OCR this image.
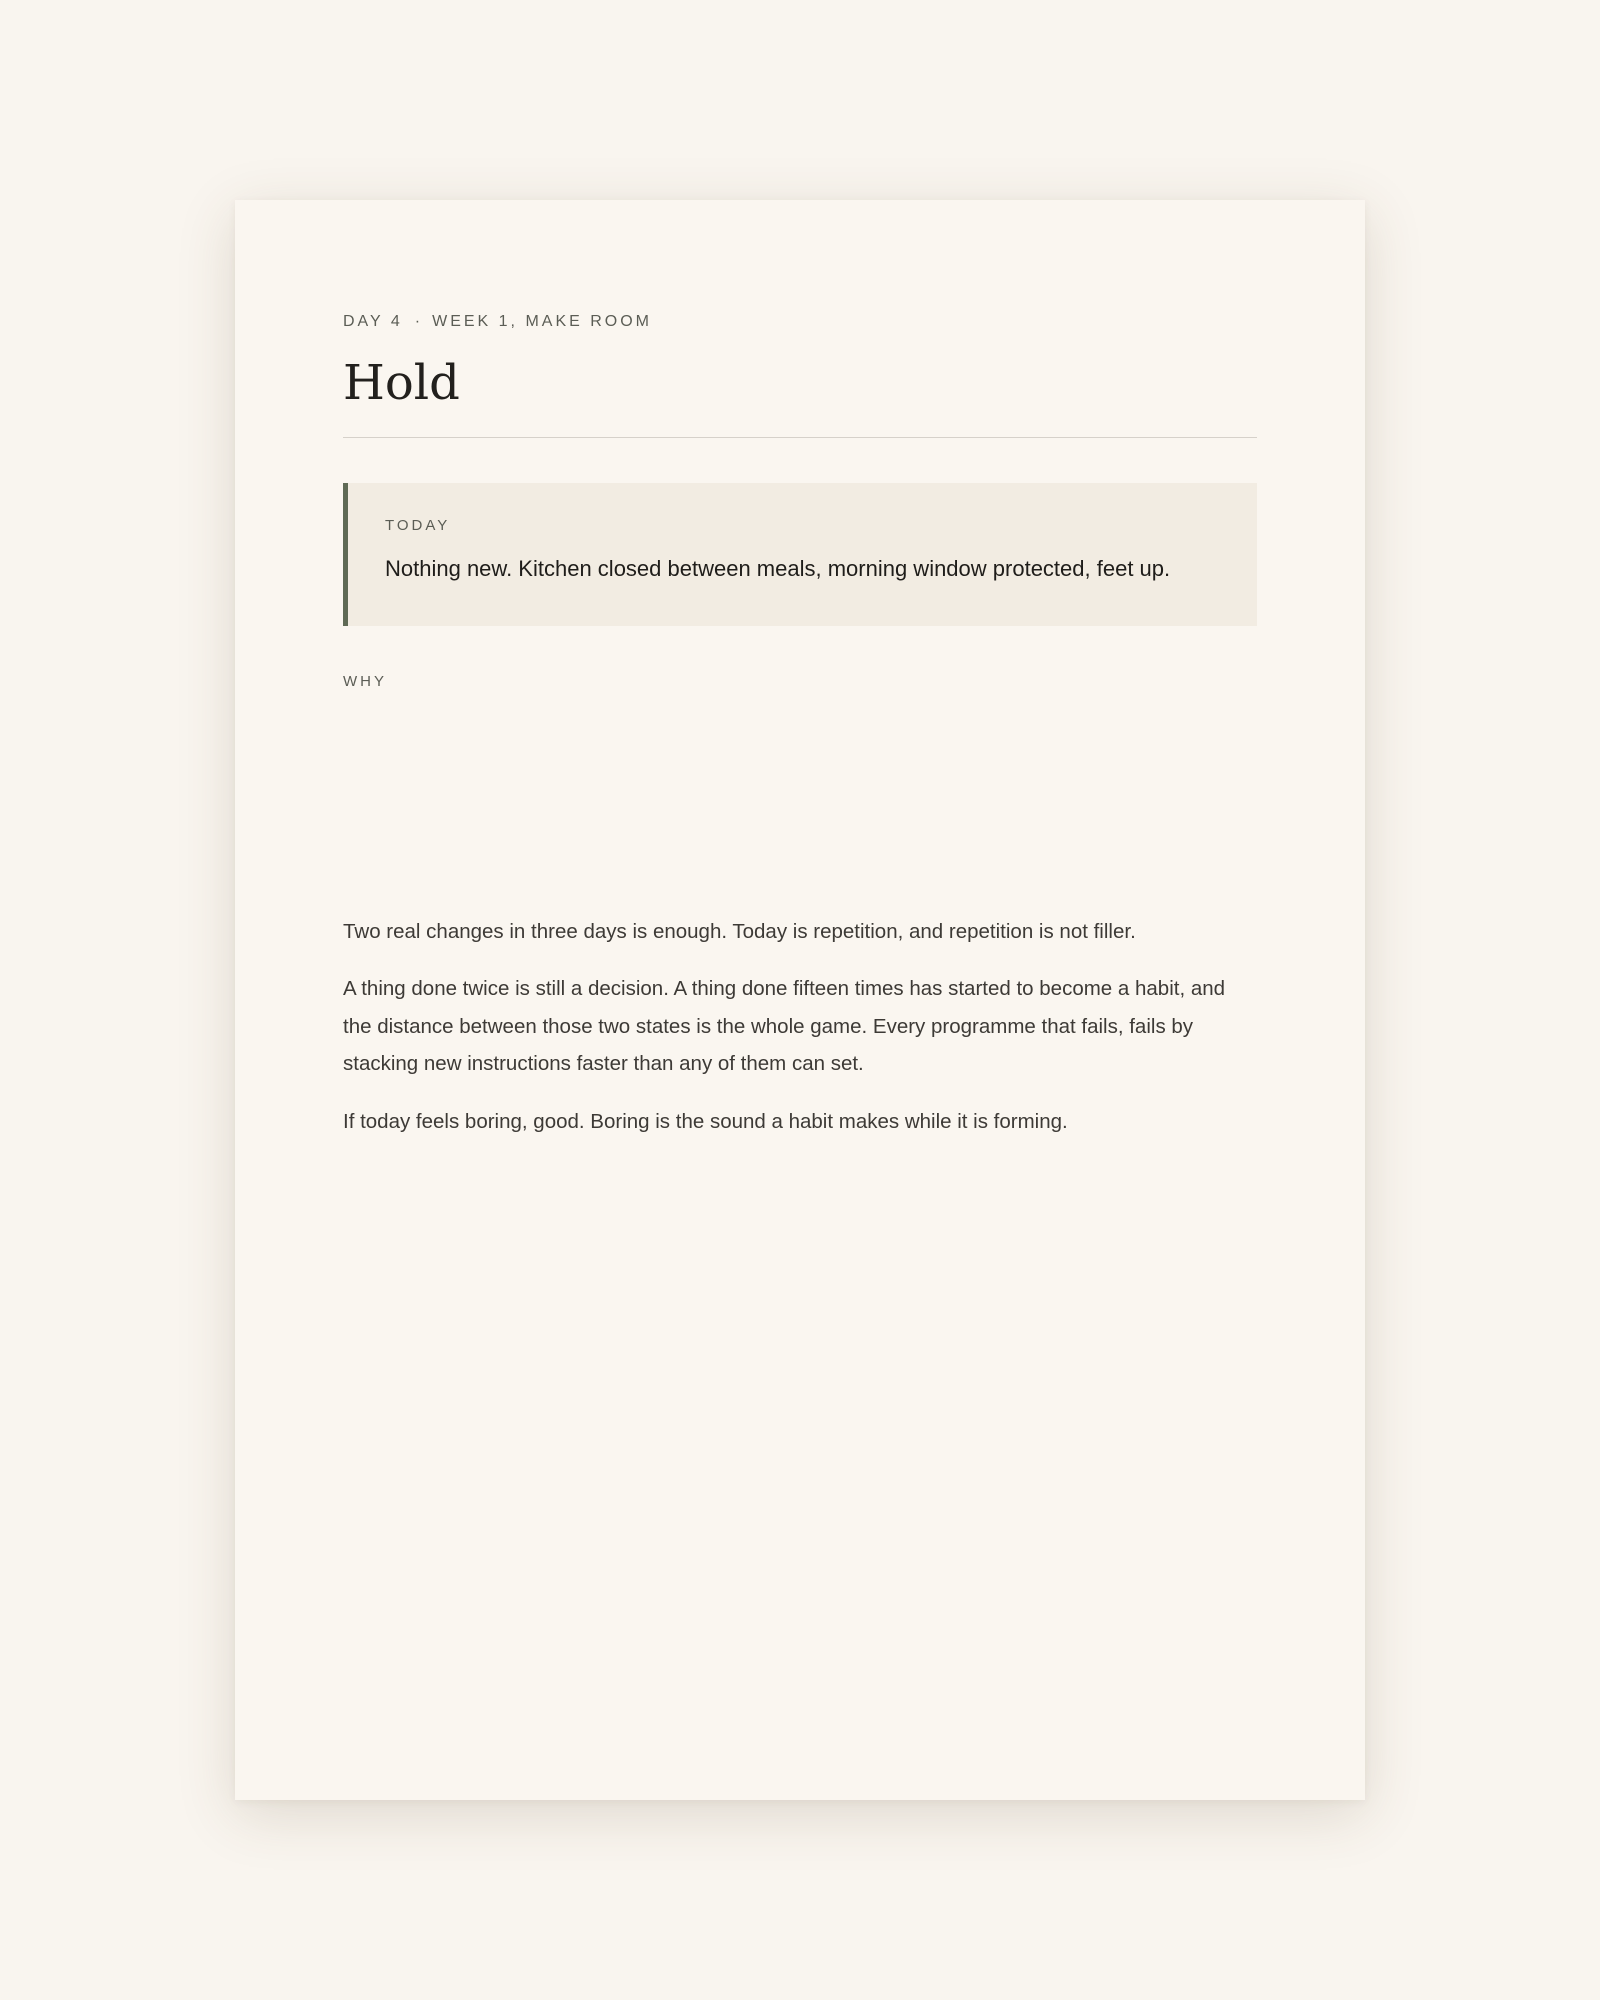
DAY 4 · WEEK 1, MAKE ROOM
Hold
TODAY
Nothing new. Kitchen closed between meals, morning window protected, feet up.
WHY

Two real changes in three days is enough. Today is repetition, and repetition is not filler.

A thing done twice is still a decision. A thing done fifteen times has started to become a habit, and the distance between those two states is the whole game. Every programme that fails, fails by stacking new instructions faster than any of them can set.

If today feels boring, good. Boring is the sound a habit makes while it is forming.
